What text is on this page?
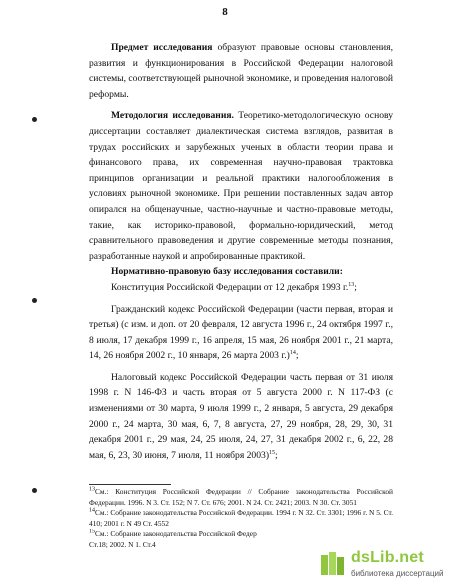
8

Предмет исследования образуют правовые основы становления, развития и функционирования в Российской Федерации налоговой системы, соответствующей рыночной экономике, и проведения налоговой реформы.

Методология исследования. Теоретико-методологическую основу диссертации составляет диалектическая система взглядов, развитая в трудах российских и зарубежных ученых в области теории права и финансового права, их современная научно-правовая трактовка принципов организации и реальной практики налогообложения в условиях рыночной экономике. При решении поставленных задач автор опирался на общенаучные, частно-научные и частно-правовые методы, такие, как историко-правовой, формально-юридический, метод сравнительного правоведения и другие современные методы познания, разработанные наукой и апробированные практикой.

Нормативно-правовую базу исследования составили:

Конституция Российской Федерации от 12 декабря 1993 г.$^{13}$;

Гражданский кодекс Российской Федерации (части первая, вторая и третья) (с изм. и доп. от 20 февраля, 12 августа 1996 г., 24 октября 1997 г., 8 июля, 17 декабря 1999 г., 16 апреля, 15 мая, 26 ноября 2001 г., 21 марта, 14, 26 ноября 2002 г., 10 января, 26 марта 2003 г.)$^{14}$;

Налоговый кодекс Российской Федерации часть первая от 31 июля 1998 г. N 146-ФЗ и часть вторая от 5 августа 2000 г. N 117-ФЗ (с изменениями от 30 марта, 9 июля 1999 г., 2 января, 5 августа, 29 декабря 2000 г., 24 марта, 30 мая, 6, 7, 8 августа, 27, 29 ноября, 28, 29, 30, 31 декабря 2001 г., 29 мая, 24, 25 июля, 24, 27, 31 декабря 2002 г., 6, 22, 28 мая, 6, 23, 30 июня, 7 июля, 11 ноября 2003)$^{15}$;

$^{13}$См.: Конституция Российской Федерации // Собрание законодательства Российской Федерации. 1996. N 3. Ст. 152; N 7. Ст. 676; 2001. N 24. Ст. 2421; 2003. N 30. Ст. 3051

$^{14}$См.: Собрание законодательства Российской Федерации. 1994 г. N 32. Ст. 3301; 1996 г. N 5. Ст. 410; 2001 г. N 49 Ст. 4552

$^{15}$См.: Собрание законодательства Российской Федер

Ст.18; 2002. N 1. Ст.4

dsLib.net
библиотека диссертаций
